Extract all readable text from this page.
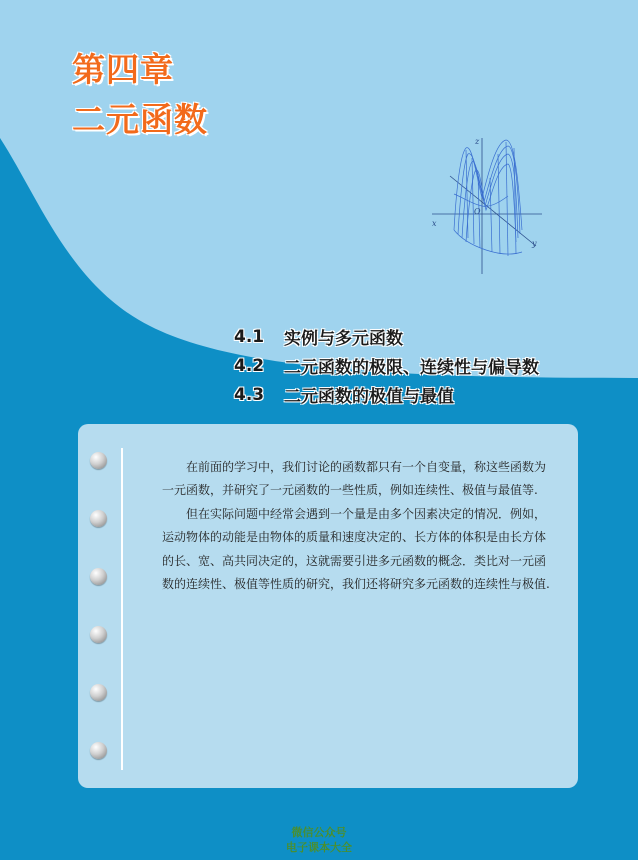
第四章
二元函数
z
x
y
O
4.1	实例与多元函数
4.2	二元函数的极限、连续性与偏导数
4.3	二元函数的极值与最值

在前面的学习中，我们讨论的函数都只有一个自变量，称这些函数为一元函数，并研究了一元函数的一些性质，例如连续性、极值与最值等.

但在实际问题中经常会遇到一个量是由多个因素决定的情况．例如，运动物体的动能是由物体的质量和速度决定的、长方体的体积是由长方体的长、宽、高共同决定的，这就需要引进多元函数的概念．类比对一元函数的连续性、极值等性质的研究，我们还将研究多元函数的连续性与极值.

微信公众号
电子课本大全
